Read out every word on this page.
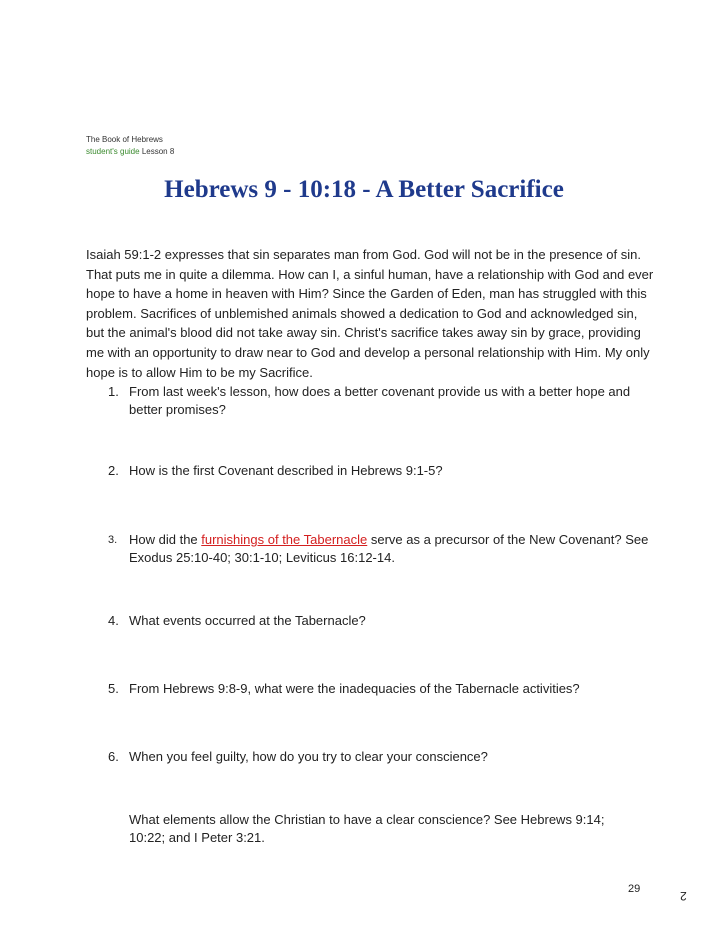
The Book of Hebrews
student's guide Lesson 8
Hebrews 9 - 10:18 - A Better Sacrifice

Isaiah 59:1-2 expresses that sin separates man from God. God will not be in the presence of sin. That puts me in quite a dilemma. How can I, a sinful human, have a relationship with God and ever hope to have a home in heaven with Him? Since the Garden of Eden, man has struggled with this problem. Sacrifices of unblemished animals showed a dedication to God and acknowledged sin, but the animal's blood did not take away sin. Christ's sacrifice takes away sin by grace, providing me with an opportunity to draw near to God and develop a personal relationship with Him. My only hope is to allow Him to be my Sacrifice.

1. From last week's lesson, how does a better covenant provide us with a better hope and better promises?
2. How is the first Covenant described in Hebrews 9:1-5?
3. How did the furnishings of the Tabernacle serve as a precursor of the New Covenant? See Exodus 25:10-40; 30:1-10; Leviticus 16:12-14.
4. What events occurred at the Tabernacle?
5. From Hebrews 9:8-9, what were the inadequacies of the Tabernacle activities?
6. When you feel guilty, how do you try to clear your conscience?
What elements allow the Christian to have a clear conscience? See Hebrews 9:14; 10:22; and I Peter 3:21.
29	2
